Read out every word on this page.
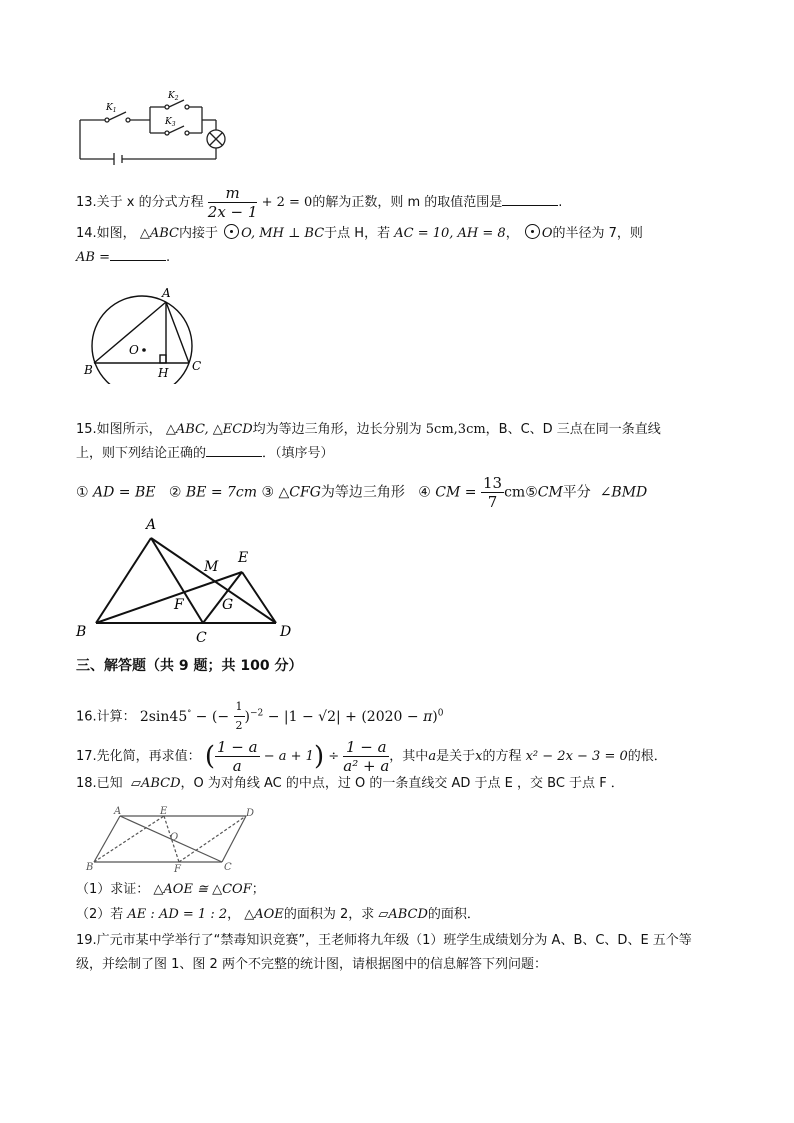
$K_1$
$K_2$
$K_3$
13.关于 x 的分式方程 $\frac{m}{2x - 1} + 2 = 0$的解为正数，则 m 的取值范围是	.
14.如图， △ABC内接于 O, MH ⊥ BC于点 H，若 AC = 10, AH = 8， O的半径为 7，则
AB =	.
A
B	C
H
O
15.如图所示， △ABC, △ECD均为等边三角形，边长分别为 5cm,3cm，B、C、D 三点在同一条直线
上，则下列结论正确的	．（填序号）
① AD = BE ② BE = 7cm ③ △CFG为等边三角形 ④ CM = $\frac{13}{7}$ cm⑤CM平分 ∠BMD
A
B	C	D
E
F	G
M
三、解答题（共 9 题；共 100 分）
16.计算： 2sin45° − (− $\frac{1}{2} )^{-2} - |1 - √2| + (2020 - \pi)^0$
17.先化简，再求值： ( $\frac{1 - a}{a} - a + 1) \div \frac{1 - a}{\text{a² + a}}$ ，其中a是关于x的方程 x² − 2x − 3 = 0的根．
18.已知 ▱ABCD，O 为对角线 AC 的中点，过 O 的一条直线交 AD 于点 E ，交 BC 于点 F ．
A
B	C
D
E
F
O
（1）求证： △AOE ≅ △COF；
（2）若 AE : AD = 1 : 2， △AOE的面积为 2，求 ▱ABCD的面积．
19.广元市某中学举行了“禁毒知识竞赛”，王老师将九年级（1）班学生成绩划分为 A、B、C、D、E 五个等
级，并绘制了图 1、图 2 两个不完整的统计图，请根据图中的信息解答下列问题：
